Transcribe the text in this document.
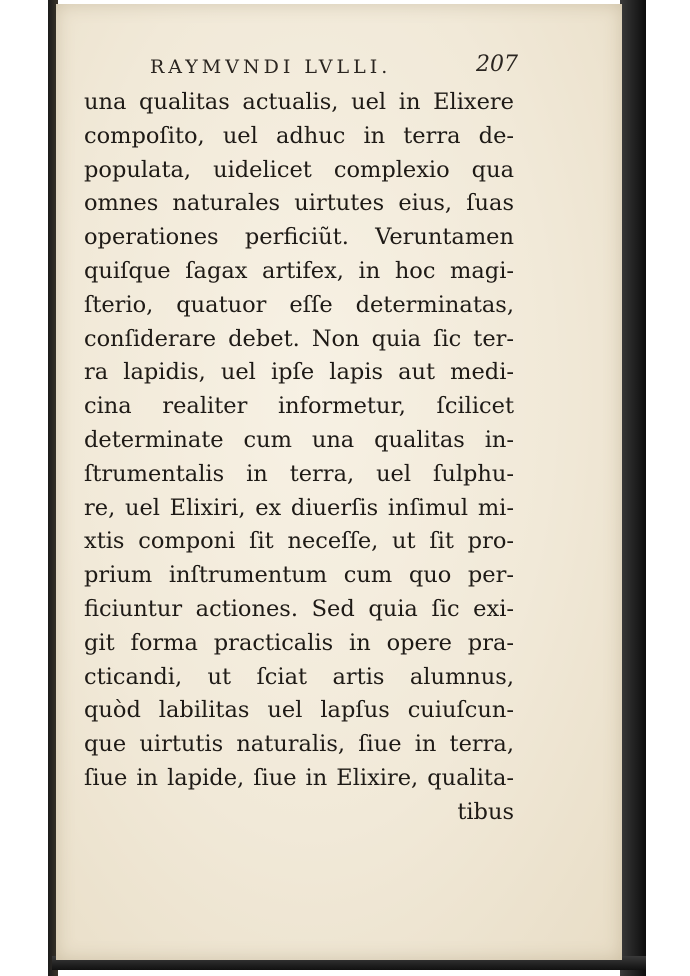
RAYMVNDI LVLLI.	207
una qualitas actualis, uel in Elixere
compoſito, uel adhuc in terra de-
populata, uidelicet complexio qua
omnes naturales uirtutes eius, ſuas
operationes perficiũt. Veruntamen
quiſque ſagax artifex, in hoc magi-
ſterio, quatuor eſſe determinatas,
conſiderare debet. Non quia ſic ter-
ra lapidis, uel ipſe lapis aut medi-
cina realiter informetur, ſcilicet
determinate cum una qualitas in-
ſtrumentalis in terra, uel ſulphu-
re, uel Elixiri, ex diuerſis inſimul mi-
xtis componi ſit neceſſe, ut ſit pro-
prium inſtrumentum cum quo per-
ficiuntur actiones. Sed quia ſic exi-
git forma practicalis in opere pra-
cticandi, ut ſciat artis alumnus,
quòd labilitas uel lapſus cuiuſcun-
que uirtutis naturalis, ſiue in terra,
ſiue in lapide, ſiue in Elixire, qualita-
tibus
